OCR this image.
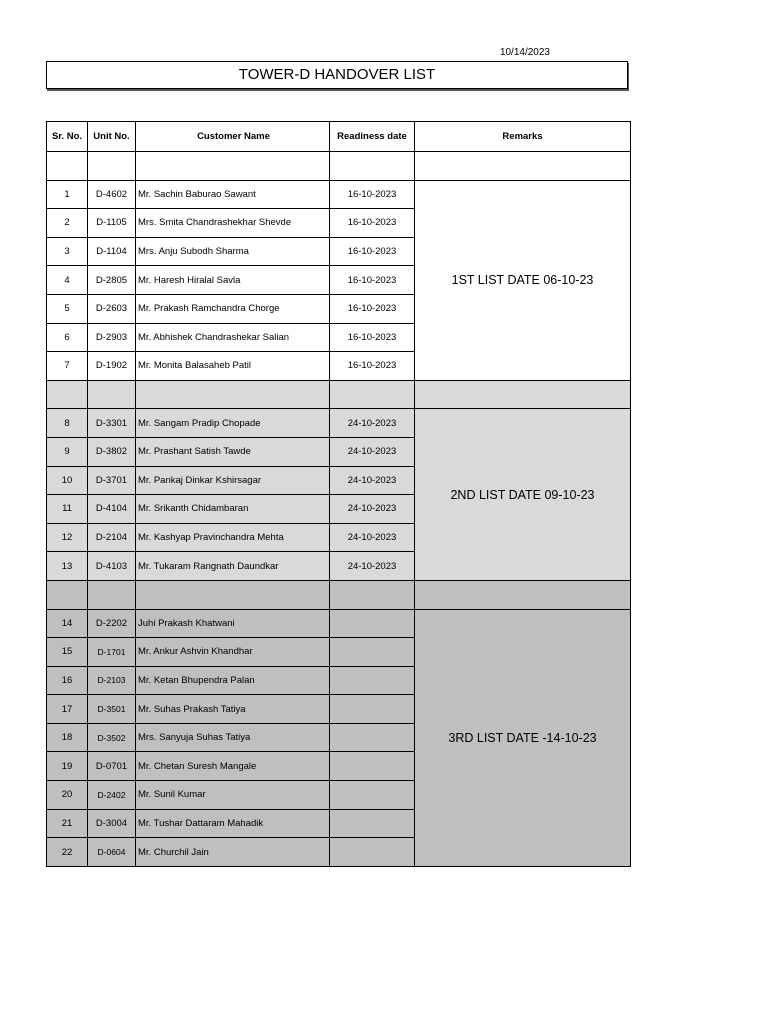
10/14/2023
TOWER-D HANDOVER LIST
Sr. No.	Unit No.	Customer Name	Readiness date	Remarks

1	D-4602	Mr. Sachin Baburao Sawant	16-10-2023	1ST LIST DATE 06-10-23
2	D-1105	Mrs. Smita Chandrashekhar Shevde	16-10-2023	
3	D-1104	Mrs. Anju Subodh Sharma	16-10-2023	
4	D-2805	Mr. Haresh Hiralal Savla	16-10-2023	
5	D-2603	Mr. Prakash Ramchandra Chorge	16-10-2023	
6	D-2903	Mr. Abhishek Chandrashekar Salian	16-10-2023	
7	D-1902	Mr. Monita Balasaheb Patil	16-10-2023	

8	D-3301	Mr. Sangam Pradip Chopade	24-10-2023	2ND LIST DATE 09-10-23
9	D-3802	Mr. Prashant Satish Tawde	24-10-2023	
10	D-3701	Mr. Pankaj Dinkar Kshirsagar	24-10-2023	
11	D-4104	Mr. Srikanth Chidambaran	24-10-2023	
12	D-2104	Mr. Kashyap Pravinchandra Mehta	24-10-2023	
13	D-4103	Mr. Tukaram Rangnath Daundkar	24-10-2023	

14	D-2202	Juhi Prakash Khatwani		3RD LIST DATE -14-10-23
15	D-1701	Mr. Ankur Ashvin Khandhar		
16	D-2103	Mr. Ketan Bhupendra Palan		
17	D-3501	Mr. Suhas Prakash Tatiya		
18	D-3502	Mrs. Sanyuja Suhas Tatiya		
19	D-0701	Mr. Chetan Suresh Mangale		
20	D-2402	Mr. Sunil Kumar		
21	D-3004	Mr. Tushar Dattaram Mahadik		
22	D-0604	Mr. Churchil Jain		
